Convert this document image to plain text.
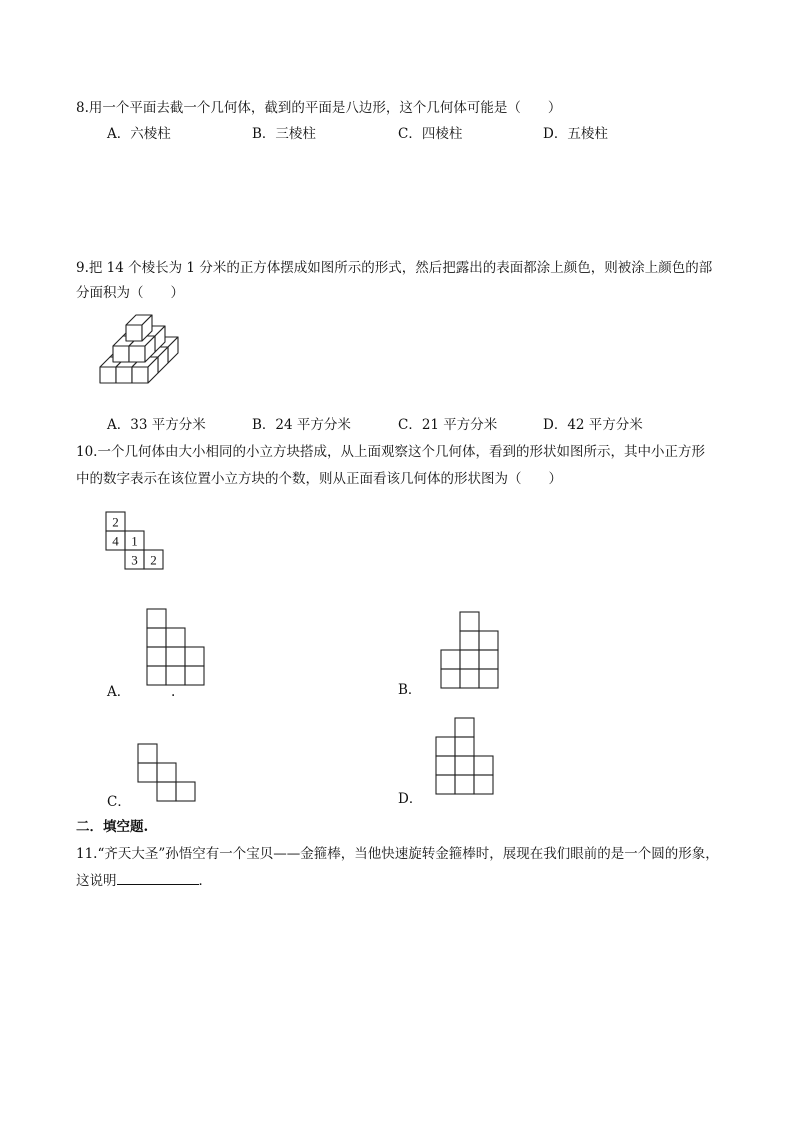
8.用一个平面去截一个几何体，截到的平面是八边形，这个几何体可能是（　　）
A．六棱柱	B．三棱柱	C．四棱柱	D．五棱柱
9.把 14 个棱长为 1 分米的正方体摆成如图所示的形式，然后把露出的表面都涂上颜色，则被涂上颜色的部
分面积为（　　）
A．33 平方分米	B．24 平方分米	C．21 平方分米	D．42 平方分米
10.一个几何体由大小相同的小立方块搭成，从上面观察这个几何体，看到的形状如图所示，其中小正方形
中的数字表示在该位置小立方块的个数，则从正面看该几何体的形状图为（　　）
2
4 1
3 2
A．	.	B．
C．	D．
二．填空题.
11.“齐天大圣”孙悟空有一个宝贝——金箍棒，当他快速旋转金箍棒时，展现在我们眼前的是一个圆的形象，
这说明	．
